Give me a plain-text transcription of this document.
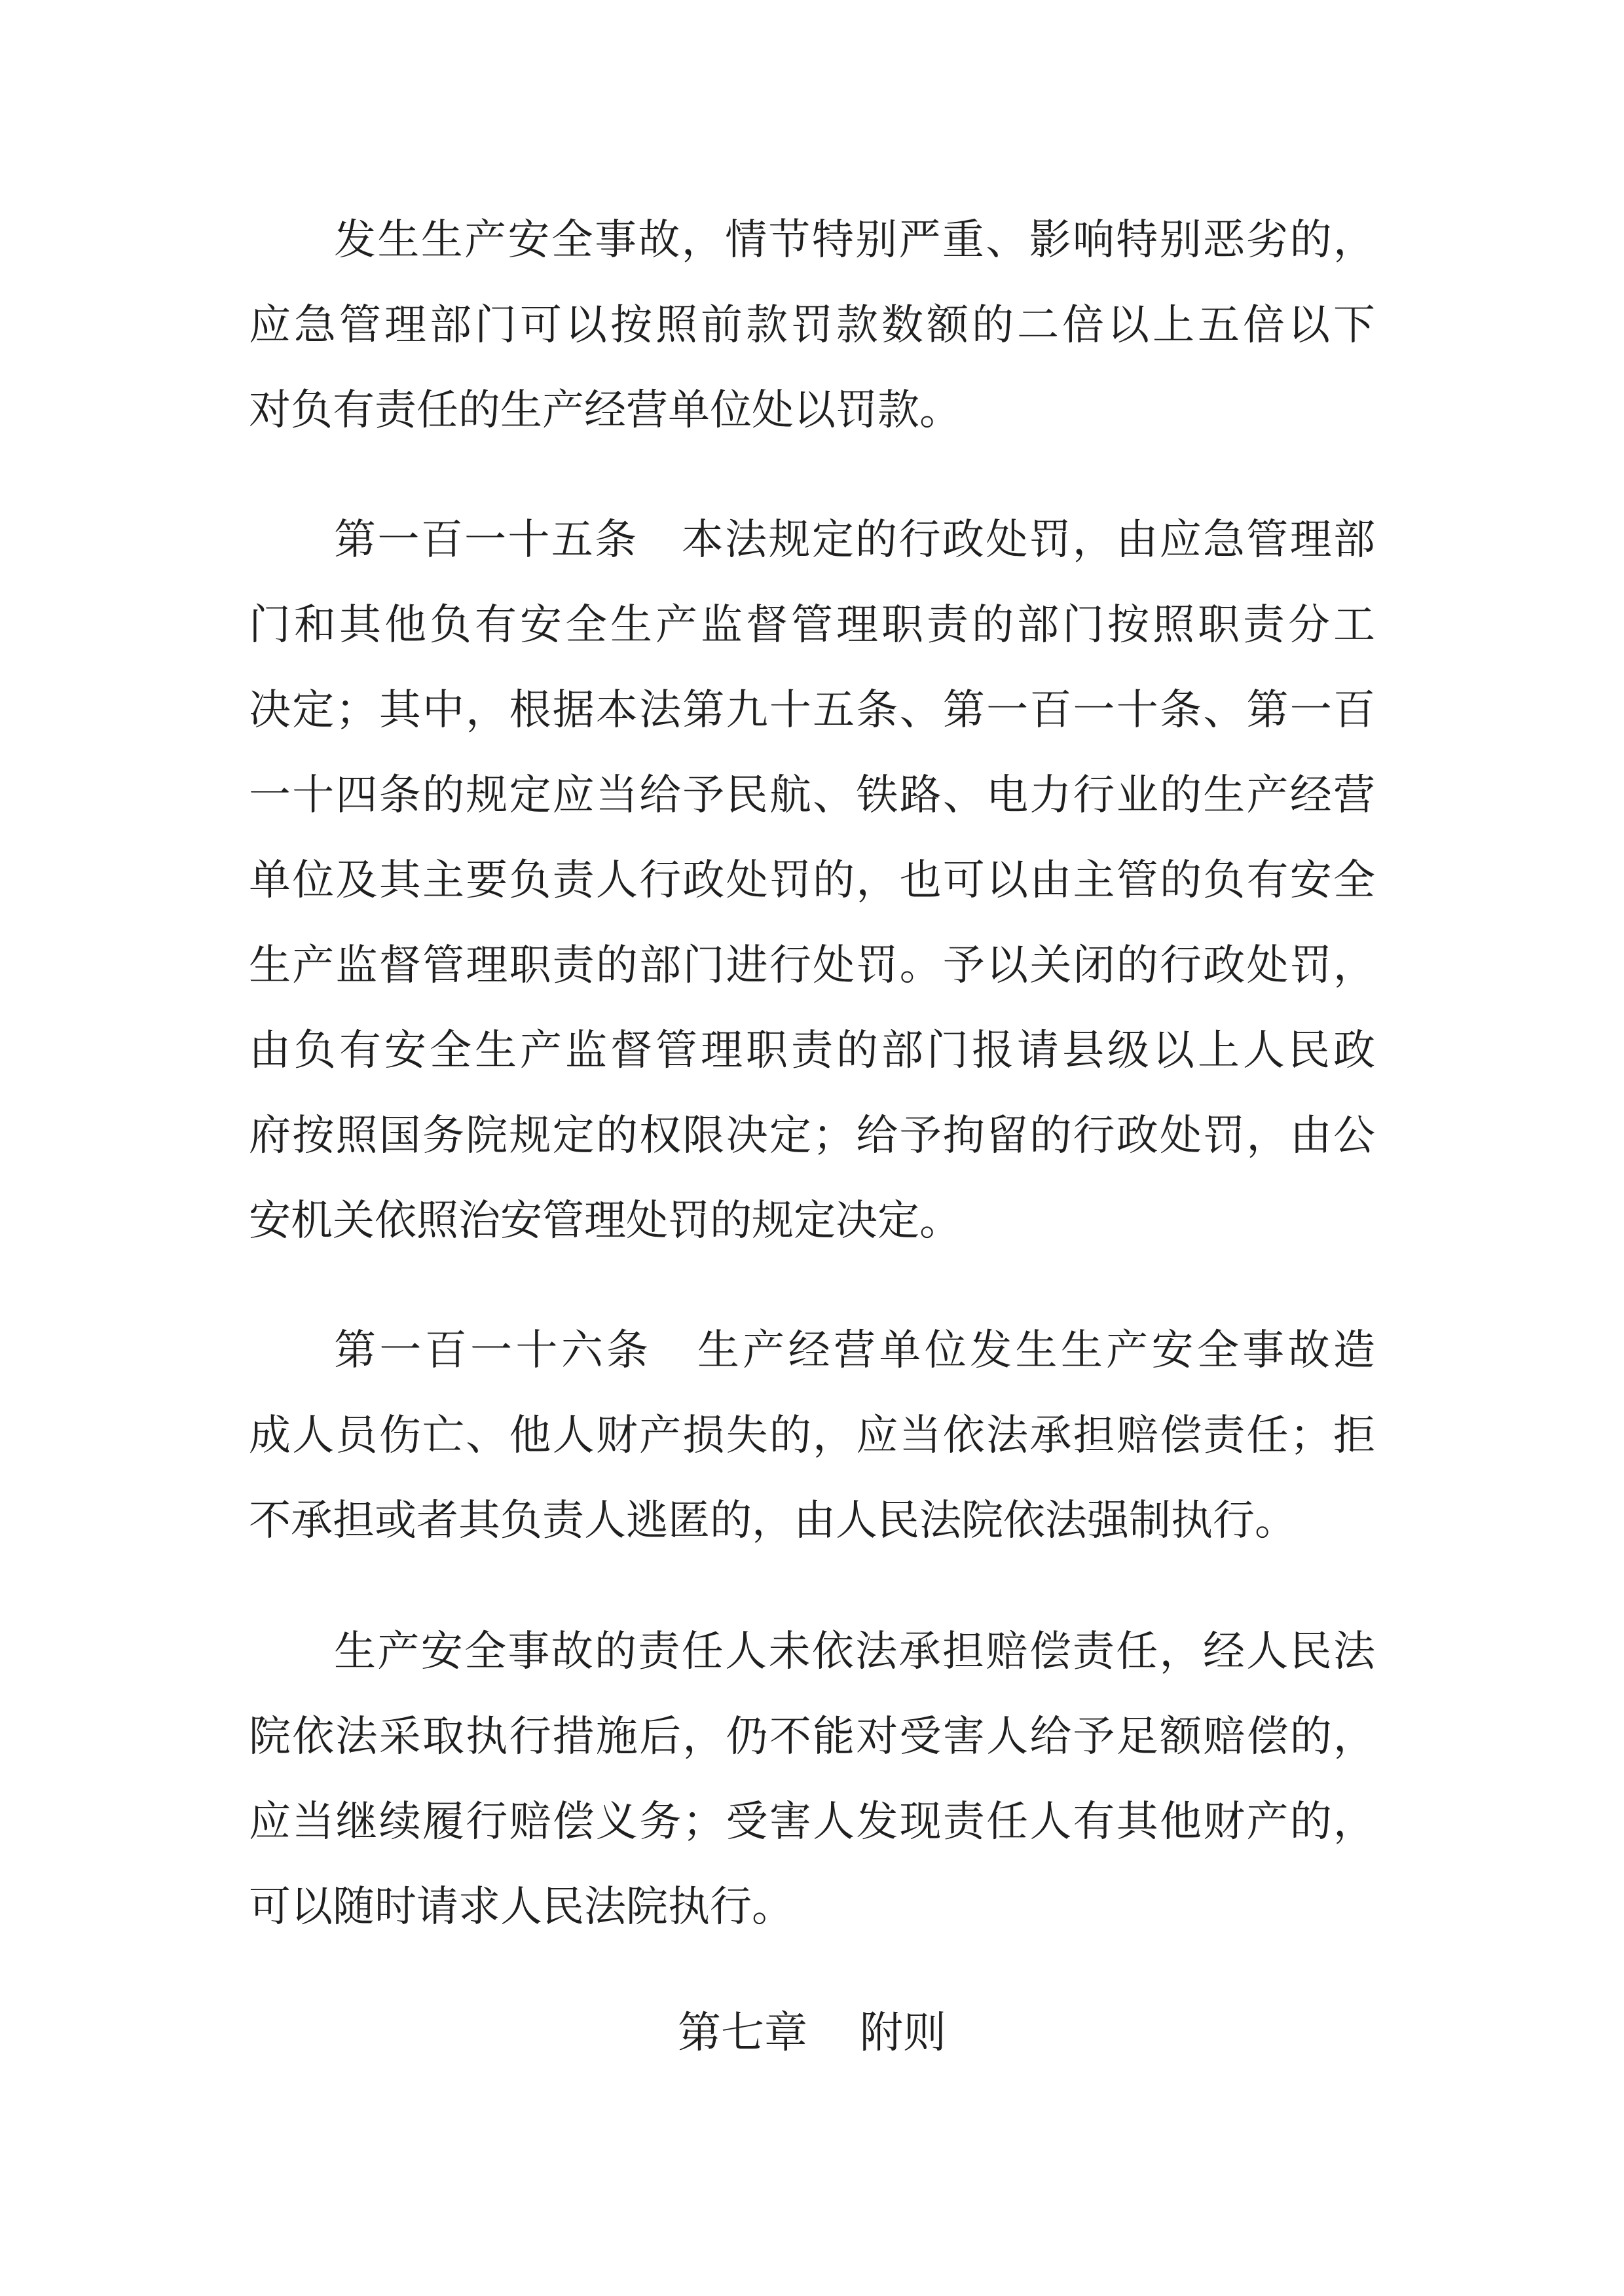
发生生产安全事故，情节特别严重、影响特别恶劣的，
应急管理部门可以按照前款罚款数额的二倍以上五倍以下
对负有责任的生产经营单位处以罚款。
第一百一十五条　本法规定的行政处罚，由应急管理部
门和其他负有安全生产监督管理职责的部门按照职责分工
决定；其中，根据本法第九十五条、第一百一十条、第一百
一十四条的规定应当给予民航、铁路、电力行业的生产经营
单位及其主要负责人行政处罚的，也可以由主管的负有安全
生产监督管理职责的部门进行处罚。予以关闭的行政处罚，
由负有安全生产监督管理职责的部门报请县级以上人民政
府按照国务院规定的权限决定；给予拘留的行政处罚，由公
安机关依照治安管理处罚的规定决定。
第一百一十六条　生产经营单位发生生产安全事故造
成人员伤亡、他人财产损失的，应当依法承担赔偿责任；拒
不承担或者其负责人逃匿的，由人民法院依法强制执行。
生产安全事故的责任人未依法承担赔偿责任，经人民法
院依法采取执行措施后，仍不能对受害人给予足额赔偿的，
应当继续履行赔偿义务；受害人发现责任人有其他财产的，
可以随时请求人民法院执行。
第七章 附则
